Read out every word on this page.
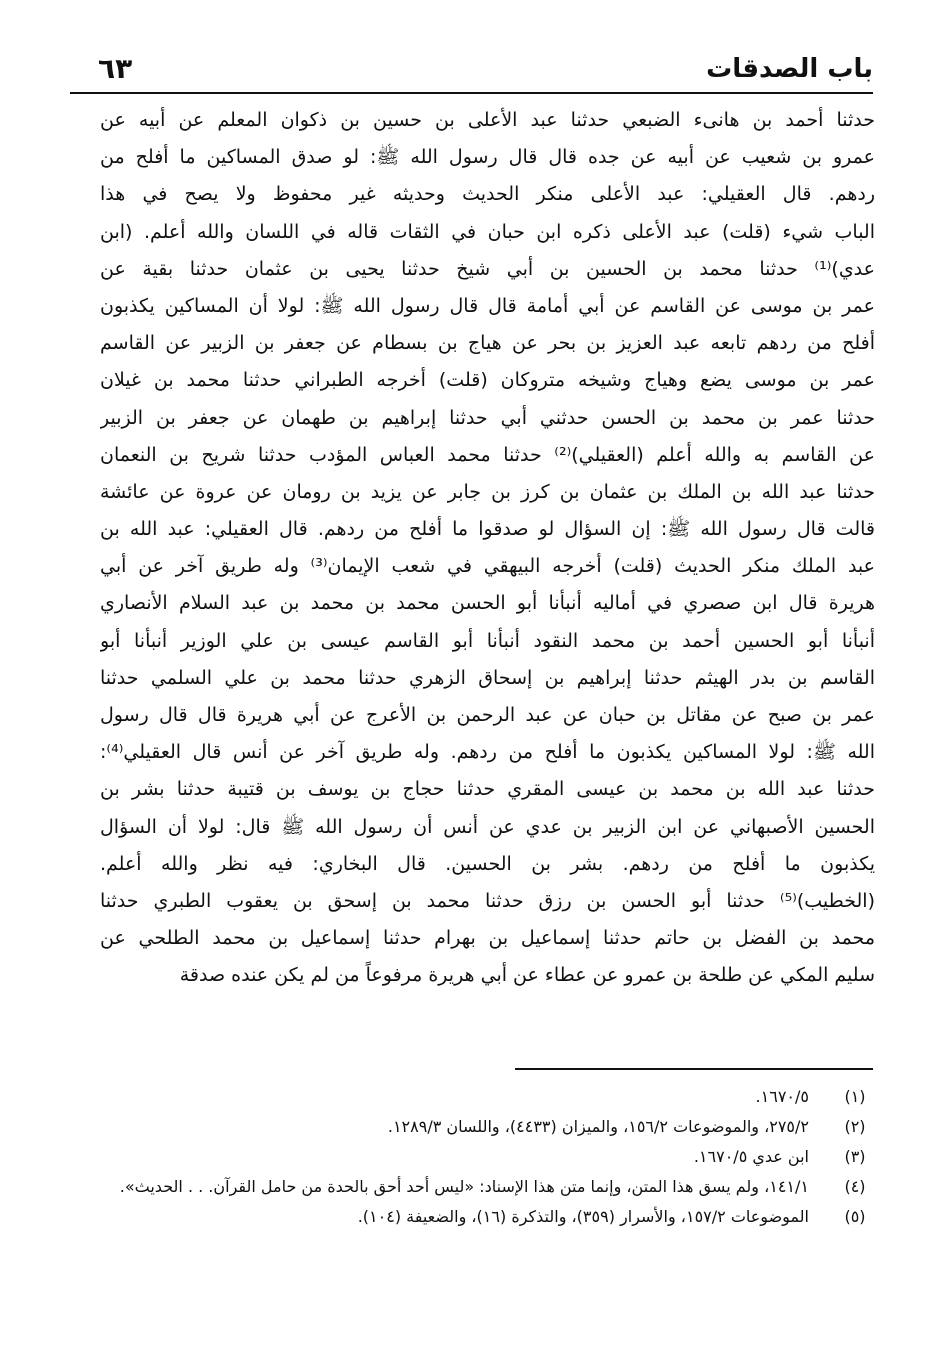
باب الصدقات
٦٣
حدثنا أحمد بن هانىء الضبعي حدثنا عبد الأعلى بن حسين بن ذكوان المعلم عن أبيه عن
عمرو بن شعيب عن أبيه عن جده قال قال رسول الله ﷺ: لو صدق المساكين ما أفلح من
ردهم. قال العقيلي: عبد الأعلى منكر الحديث وحديثه غير محفوظ ولا يصح في هذا
الباب شيء (قلت) عبد الأعلى ذكره ابن حبان في الثقات قاله في اللسان والله أعلم. (ابن
عدي)⁽¹⁾ حدثنا محمد بن الحسين بن أبي شيخ حدثنا يحيى بن عثمان حدثنا بقية عن
عمر بن موسى عن القاسم عن أبي أمامة قال قال رسول الله ﷺ: لولا أن المساكين يكذبون
أفلح من ردهم تابعه عبد العزيز بن بحر عن هياج بن بسطام عن جعفر بن الزبير عن القاسم
عمر بن موسى يضع وهياج وشيخه متروكان (قلت) أخرجه الطبراني حدثنا محمد بن غيلان
حدثنا عمر بن محمد بن الحسن حدثني أبي حدثنا إبراهيم بن طهمان عن جعفر بن الزبير
عن القاسم به والله أعلم (العقيلي)⁽²⁾ حدثنا محمد العباس المؤدب حدثنا شريح بن النعمان
حدثنا عبد الله بن الملك بن عثمان بن كرز بن جابر عن يزيد بن رومان عن عروة عن عائشة
قالت قال رسول الله ﷺ: إن السؤال لو صدقوا ما أفلح من ردهم. قال العقيلي: عبد الله بن
عبد الملك منكر الحديث (قلت) أخرجه البيهقي في شعب الإيمان⁽³⁾ وله طريق آخر عن أبي
هريرة قال ابن صصري في أماليه أنبأنا أبو الحسن محمد بن محمد بن عبد السلام الأنصاري
أنبأنا أبو الحسين أحمد بن محمد النقود أنبأنا أبو القاسم عيسى بن علي الوزير أنبأنا أبو
القاسم بن بدر الهيثم حدثنا إبراهيم بن إسحاق الزهري حدثنا محمد بن علي السلمي حدثنا
عمر بن صبح عن مقاتل بن حبان عن عبد الرحمن بن الأعرج عن أبي هريرة قال قال رسول
الله ﷺ: لولا المساكين يكذبون ما أفلح من ردهم. وله طريق آخر عن أنس قال العقيلي⁽⁴⁾:
حدثنا عبد الله بن محمد بن عيسى المقري حدثنا حجاج بن يوسف بن قتيبة حدثنا بشر بن
الحسين الأصبهاني عن ابن الزبير بن عدي عن أنس أن رسول الله ﷺ قال: لولا أن السؤال
يكذبون ما أفلح من ردهم. بشر بن الحسين. قال البخاري: فيه نظر والله أعلم.
(الخطيب)⁽⁵⁾ حدثنا أبو الحسن بن رزق حدثنا محمد بن إسحق بن يعقوب الطبري حدثنا
محمد بن الفضل بن حاتم حدثنا إسماعيل بن بهرام حدثنا إسماعيل بن محمد الطلحي عن
سليم المكي عن طلحة بن عمرو عن عطاء عن أبي هريرة مرفوعاً من لم يكن عنده صدقة
(١)
١٦٧٠/٥.
(٢)
٢٧٥/٢، والموضوعات ١٥٦/٢، والميزان (٤٤٣٣)، واللسان ١٢٨٩/٣.
(٣)
ابن عدي ١٦٧٠/٥.
(٤)
١٤١/١، ولم يسق هذا المتن، وإنما متن هذا الإسناد: «ليس أحد أحق بالحدة من حامل القرآن. . . الحديث».
(٥)
الموضوعات ١٥٧/٢، والأسرار (٣٥٩)، والتذكرة (١٦)، والضعيفة (١٠٤).
